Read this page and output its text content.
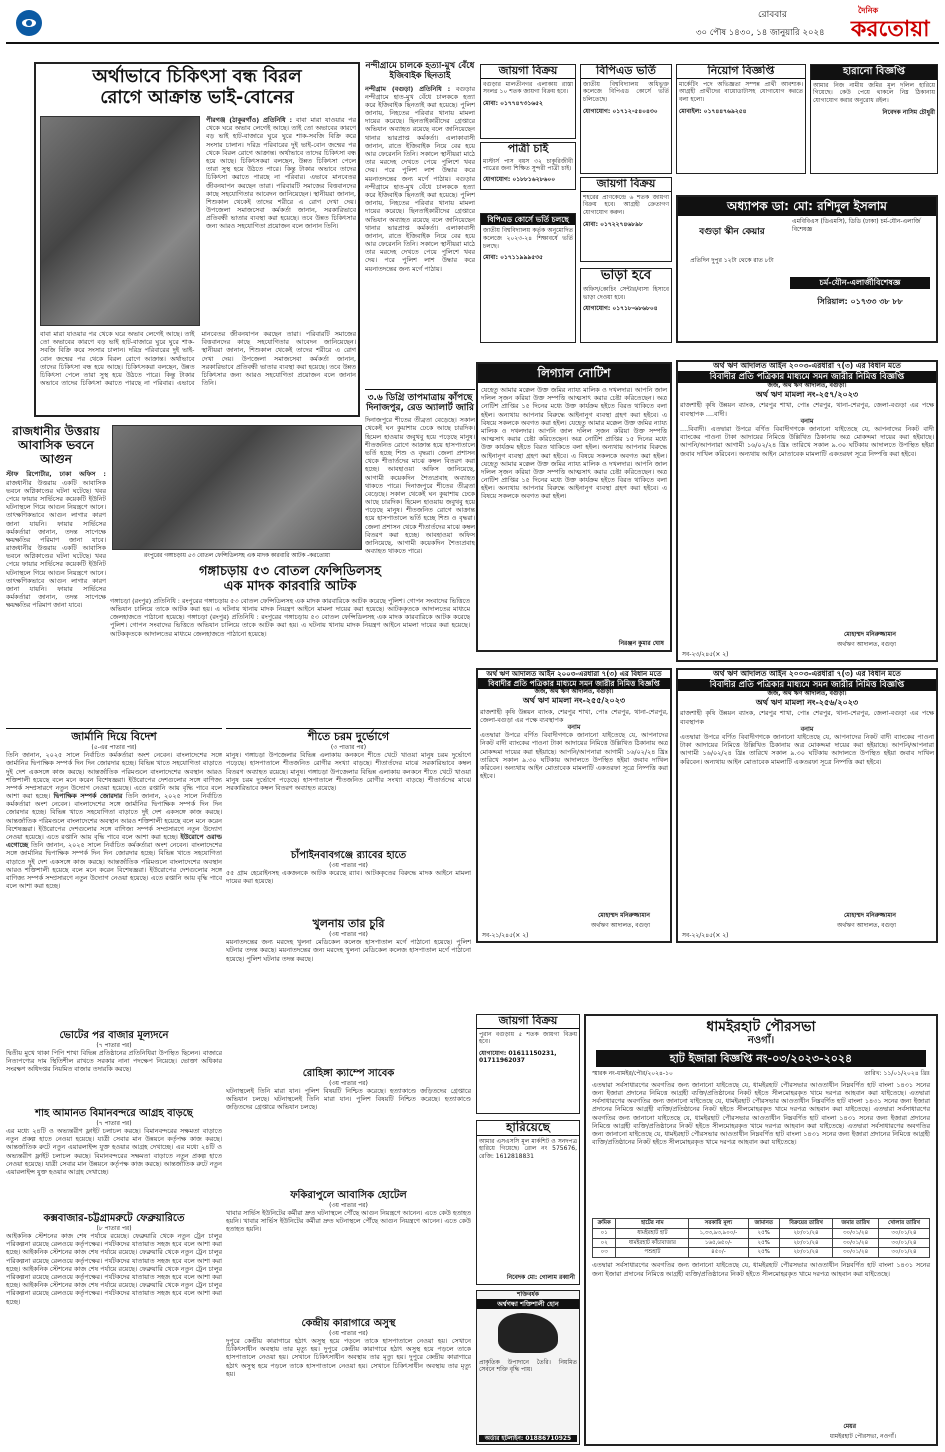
রোববার
৩০ পৌষ ১৪৩০, ১৪ জানুয়ারি ২০২৪
দৈনিক
করতোয়া
অর্থাভাবে চিকিৎসা বন্ধ বিরল
রোগে আক্রান্ত ভাই-বোনের
পীরগঞ্জ (ঠাকুরগাঁও) প্রতিনিধি : বাবা মারা যাওয়ার পর থেকে ঘরে অভাব লেগেই আছে। তাই তো অভাবের কারণে বড় ভাই হাট-বাজারে ঘুরে ঘুরে শাক-সবজি বিক্রি করে সংসার চালান। দরিদ্র পরিবারের দুই ভাই-বোন জন্মের পর থেকে বিরল রোগে আক্রান্ত। অর্থাভাবে তাদের চিকিৎসা বন্ধ হয়ে আছে। চিকিৎসকরা বলছেন, উন্নত চিকিৎসা পেলে তারা সুস্থ হয়ে উঠতে পারে। কিন্তু টাকার অভাবে তাদের চিকিৎসা করাতে পারছে না পরিবার। এভাবে মানবেতর জীবনযাপন করছেন তারা। পরিবারটি সমাজের বিত্তবানদের কাছে সহযোগিতার আবেদন জানিয়েছেন। স্থানীয়রা জানান, শিশুকাল থেকেই তাদের শরীরে এ রোগ দেখা দেয়। উপজেলা সমাজসেবা কর্মকর্তা জানান, সরকারিভাবে প্রতিবন্ধী ভাতার ব্যবস্থা করা হয়েছে। তবে উন্নত চিকিৎসার জন্য আরও সহযোগিতা প্রয়োজন বলে জানান তিনি।
বাবা মারা যাওয়ার পর থেকে ঘরে অভাব লেগেই আছে। তাই তো অভাবের কারণে বড় ভাই হাট-বাজারে ঘুরে ঘুরে শাক-সবজি বিক্রি করে সংসার চালান। দরিদ্র পরিবারের দুই ভাই-বোন জন্মের পর থেকে বিরল রোগে আক্রান্ত। অর্থাভাবে তাদের চিকিৎসা বন্ধ হয়ে আছে। চিকিৎসকরা বলছেন, উন্নত চিকিৎসা পেলে তারা সুস্থ হয়ে উঠতে পারে। কিন্তু টাকার অভাবে তাদের চিকিৎসা করাতে পারছে না পরিবার। এভাবে মানবেতর জীবনযাপন করছেন তারা। পরিবারটি সমাজের বিত্তবানদের কাছে সহযোগিতার আবেদন জানিয়েছেন। স্থানীয়রা জানান, শিশুকাল থেকেই তাদের শরীরে এ রোগ দেখা দেয়। উপজেলা সমাজসেবা কর্মকর্তা জানান, সরকারিভাবে প্রতিবন্ধী ভাতার ব্যবস্থা করা হয়েছে। তবে উন্নত চিকিৎসার জন্য আরও সহযোগিতা প্রয়োজন বলে জানান তিনি।
নন্দীগ্রামে চালকে হত্যা-মুখ বেঁধে ইজিবাইক ছিনতাই
নন্দীগ্রাম (বগুড়া) প্রতিনিধি : বগুড়ার নন্দীগ্রামে হাত-মুখ বেঁধে চালককে হত্যা করে ইজিবাইক ছিনতাই করা হয়েছে। পুলিশ জানায়, নিহতের পরিবার থানায় মামলা দায়ের করেছে। ছিনতাইকারীদের গ্রেপ্তারে অভিযান অব্যাহত রয়েছে বলে জানিয়েছেন থানার ভারপ্রাপ্ত কর্মকর্তা। এলাকাবাসী জানান, রাতে ইজিবাইক নিয়ে বের হয়ে আর ফেরেননি তিনি। সকালে স্থানীয়রা মাঠে তার মরদেহ দেখতে পেয়ে পুলিশে খবর দেয়। পরে পুলিশ লাশ উদ্ধার করে ময়নাতদন্তের জন্য মর্গে পাঠায়। বগুড়ার নন্দীগ্রামে হাত-মুখ বেঁধে চালককে হত্যা করে ইজিবাইক ছিনতাই করা হয়েছে। পুলিশ জানায়, নিহতের পরিবার থানায় মামলা দায়ের করেছে। ছিনতাইকারীদের গ্রেপ্তারে অভিযান অব্যাহত রয়েছে বলে জানিয়েছেন থানার ভারপ্রাপ্ত কর্মকর্তা। এলাকাবাসী জানান, রাতে ইজিবাইক নিয়ে বের হয়ে আর ফেরেননি তিনি। সকালে স্থানীয়রা মাঠে তার মরদেহ দেখতে পেয়ে পুলিশে খবর দেয়। পরে পুলিশ লাশ উদ্ধার করে ময়নাতদন্তের জন্য মর্গে পাঠায়।
৩.৬ ডিগ্রি তাপমাত্রায় কাঁপছে দিনাজপুর, রেড অ্যালার্ট জারি
দিনাজপুরে শীতের তীব্রতা বেড়েছে। সকাল থেকেই ঘন কুয়াশায় ঢেকে আছে চারদিক। হিমেল হাওয়ায় জবুথবু হয়ে পড়েছে মানুষ। শীতজনিত রোগে আক্রান্ত হয়ে হাসপাতালে ভর্তি হচ্ছে শিশু ও বৃদ্ধরা। জেলা প্রশাসন থেকে শীতার্তদের মাঝে কম্বল বিতরণ করা হচ্ছে। আবহাওয়া অফিস জানিয়েছে, আগামী কয়েকদিন শৈত্যপ্রবাহ অব্যাহত থাকতে পারে। দিনাজপুরে শীতের তীব্রতা বেড়েছে। সকাল থেকেই ঘন কুয়াশায় ঢেকে আছে চারদিক। হিমেল হাওয়ায় জবুথবু হয়ে পড়েছে মানুষ। শীতজনিত রোগে আক্রান্ত হয়ে হাসপাতালে ভর্তি হচ্ছে শিশু ও বৃদ্ধরা। জেলা প্রশাসন থেকে শীতার্তদের মাঝে কম্বল বিতরণ করা হচ্ছে। আবহাওয়া অফিস জানিয়েছে, আগামী কয়েকদিন শৈত্যপ্রবাহ অব্যাহত থাকতে পারে।
জায়গা বিক্রয়
বগুড়ার মালতীনগর এলাকায় রাস্তা সংলগ্ন ১০ শতক জায়গা বিক্রয় হবে।
মোবা: ০১৭৭৪৭৩১৬৫২
পাত্রী চাই
মাস্টার্স পাস বয়স ৩২ চাকুরিজীবী পাত্রের জন্য শিক্ষিত সুন্দরী পাত্রী চাই।
যোগাযোগ: ০১৮৮১৬২৮৬০০
বিপিএড কোর্সে ভর্তি চলছে
জাতীয় বিশ্ববিদ্যালয় কর্তৃক অনুমোদিত কলেজে ২০২৩-২৪ শিক্ষাবর্ষে ভর্তি চলছে।
মোবা: ০১৭১১৯৯৯৫৩৫
বিপিএড ভর্তি
জাতীয় বিশ্ববিদ্যালয় অধিভুক্ত কলেজে বিপিএড কোর্সে ভর্তি চলিতেছে।
যোগাযোগ: ০১৭১২-৫৪০৪৩০
জায়গা বিক্রয়
শহরের প্রাণকেন্দ্রে ৬ শতক জায়গা বিক্রয় হবে। আগ্রহী ক্রেতাগণ যোগাযোগ করুন।
মোবা: ০১৭২২৭৪৬৮৯৮
ভাড়া হবে
অফিস/কোচিং সেন্টার/বাসা হিসাবে ভাড়া দেওয়া হবে।
যোগাযোগ: ০১৭১৮-৬৮৬৮০৪
নিয়োগ বিজ্ঞপ্তি
মার্কেটিং পদে অভিজ্ঞতা সম্পন্ন প্রার্থী আবশ্যক। আগ্রহী প্রার্থীদের বায়োডাটাসহ যোগাযোগ করতে বলা হলো।
মোবাইল: ০১৭৪৪৭৬৯২৫৪
হারানো বিজ্ঞপ্তি
আমার নিজ নামীয় জমির মূল দলিল হারিয়ে গিয়েছে। কেউ পেয়ে থাকলে নিম্ন ঠিকানায় যোগাযোগ করার অনুরোধ রইল।
নিবেদক নাসিম চৌধুরী
অধ্যাপক ডা: মো: রশিদুল ইসলাম
এমবিবিএস (ডিএমসি), ডিডি (ঢাকা) চর্ম-যৌন-এলার্জি বিশেষজ্ঞ
বগুড়া স্কীন কেয়ার
প্রতিদিন দুপুর ১২টা থেকে রাত ৮টা
চর্ম-যৌন-এলার্জীবিশেষজ্ঞ
সিরিয়াল: ০১৭৩৩ ৩৮ ৮৮
রংপুরের গঙ্গাচড়ায় ৫৩ বোতল ফেন্সিডিলসহ এক মাদক কারবারি আটক -করতোয়া
গঙ্গাচড়ায় ৫৩ বোতল ফেন্সিডিলসহ
এক মাদক কারবারি আটক
গঙ্গাচড়া (রংপুর) প্রতিনিধি : রংপুরের গঙ্গাচড়ায় ৫৩ বোতল ফেন্সিডিলসহ এক মাদক কারবারিকে আটক করেছে পুলিশ। গোপন সংবাদের ভিত্তিতে অভিযান চালিয়ে তাকে আটক করা হয়। এ ঘটনায় থানায় মাদক নিয়ন্ত্রণ আইনে মামলা দায়ের করা হয়েছে। আটককৃতকে আদালতের মাধ্যমে জেলহাজতে পাঠানো হয়েছে। গঙ্গাচড়া (রংপুর) প্রতিনিধি : রংপুরের গঙ্গাচড়ায় ৫৩ বোতল ফেন্সিডিলসহ এক মাদক কারবারিকে আটক করেছে পুলিশ। গোপন সংবাদের ভিত্তিতে অভিযান চালিয়ে তাকে আটক করা হয়। এ ঘটনায় থানায় মাদক নিয়ন্ত্রণ আইনে মামলা দায়ের করা হয়েছে। আটককৃতকে আদালতের মাধ্যমে জেলহাজতে পাঠানো হয়েছে।
রাজধানীর উত্তরায়
আবাসিক ভবনে
আগুন
স্টাফ রিপোর্টার, ঢাকা অফিস : রাজধানীর উত্তরায় একটি আবাসিক ভবনে অগ্নিকাণ্ডের ঘটনা ঘটেছে। খবর পেয়ে ফায়ার সার্ভিসের কয়েকটি ইউনিট ঘটনাস্থলে গিয়ে আগুন নিয়ন্ত্রণে আনে। তাৎক্ষণিকভাবে আগুন লাগার কারণ জানা যায়নি। ফায়ার সার্ভিসের কর্মকর্তারা জানান, তদন্ত সাপেক্ষে ক্ষয়ক্ষতির পরিমাণ জানা যাবে। রাজধানীর উত্তরায় একটি আবাসিক ভবনে অগ্নিকাণ্ডের ঘটনা ঘটেছে। খবর পেয়ে ফায়ার সার্ভিসের কয়েকটি ইউনিট ঘটনাস্থলে গিয়ে আগুন নিয়ন্ত্রণে আনে। তাৎক্ষণিকভাবে আগুন লাগার কারণ জানা যায়নি। ফায়ার সার্ভিসের কর্মকর্তারা জানান, তদন্ত সাপেক্ষে ক্ষয়ক্ষতির পরিমাণ জানা যাবে।
জার্মানি দিয়ে বিদেশ
(৫-এর পাতার পর)
তিনি জানান, ২০২৫ সালে নির্বাচিত কর্মকর্তারা অংশ নেবেন। বাংলাদেশের সঙ্গে জার্মানির দ্বিপাক্ষিক সম্পর্ক দিন দিন জোরদার হচ্ছে। বিভিন্ন খাতে সহযোগিতা বাড়াতে দুই দেশ একসঙ্গে কাজ করছে। আন্তর্জাতিক পরিমণ্ডলে বাংলাদেশের অবস্থান আরও শক্তিশালী হয়েছে বলে মনে করেন বিশেষজ্ঞরা। ইউরোপের দেশগুলোর সঙ্গে বাণিজ্য সম্পর্ক সম্প্রসারণে নতুন উদ্যোগ নেওয়া হয়েছে। এতে রপ্তানি আয় বৃদ্ধি পাবে বলে আশা করা হচ্ছে। দ্বিপাক্ষিক সম্পর্ক জোরদার তিনি জানান, ২০২৫ সালে নির্বাচিত কর্মকর্তারা অংশ নেবেন। বাংলাদেশের সঙ্গে জার্মানির দ্বিপাক্ষিক সম্পর্ক দিন দিন জোরদার হচ্ছে। বিভিন্ন খাতে সহযোগিতা বাড়াতে দুই দেশ একসঙ্গে কাজ করছে। আন্তর্জাতিক পরিমণ্ডলে বাংলাদেশের অবস্থান আরও শক্তিশালী হয়েছে বলে মনে করেন বিশেষজ্ঞরা। ইউরোপের দেশগুলোর সঙ্গে বাণিজ্য সম্পর্ক সম্প্রসারণে নতুন উদ্যোগ নেওয়া হয়েছে। এতে রপ্তানি আয় বৃদ্ধি পাবে বলে আশা করা হচ্ছে। ইউরোপে ওরাল্ড এগোচ্ছে তিনি জানান, ২০২৫ সালে নির্বাচিত কর্মকর্তারা অংশ নেবেন। বাংলাদেশের সঙ্গে জার্মানির দ্বিপাক্ষিক সম্পর্ক দিন দিন জোরদার হচ্ছে। বিভিন্ন খাতে সহযোগিতা বাড়াতে দুই দেশ একসঙ্গে কাজ করছে। আন্তর্জাতিক পরিমণ্ডলে বাংলাদেশের অবস্থান আরও শক্তিশালী হয়েছে বলে মনে করেন বিশেষজ্ঞরা। ইউরোপের দেশগুলোর সঙ্গে বাণিজ্য সম্পর্ক সম্প্রসারণে নতুন উদ্যোগ নেওয়া হয়েছে। এতে রপ্তানি আয় বৃদ্ধি পাবে বলে আশা করা হচ্ছে।
ভোটের পর বাজার মূল্যদনে
(৭ পাতার পর)
দ্বিতীয় মুখে থাকা পিপি শাখা বিভিন্ন প্রতিষ্ঠানের প্রতিনিধিরা উপস্থিত ছিলেন। বাজারে নিত্যপণ্যের দাম স্থিতিশীল রাখতে সরকার নানা পদক্ষেপ নিয়েছে। ভোক্তা অধিকার সংরক্ষণ অধিদপ্তর নিয়মিত বাজার তদারকি করছে।
শাহ আমানত বিমানবন্দরে আগ্রহ বাড়ছে
(৭ পাতার পর)
এর মধ্যে ২৪টি ও অভ্যন্তরীণ ফ্লাইট চলাচল করছে। বিমানবন্দরের সক্ষমতা বাড়াতে নতুন প্রকল্প হাতে নেওয়া হয়েছে। যাত্রী সেবার মান উন্নয়নে কর্তৃপক্ষ কাজ করছে। আন্তর্জাতিক রুটে নতুন এয়ারলাইন্স যুক্ত হওয়ার আগ্রহ দেখাচ্ছে। এর মধ্যে ২৪টি ও অভ্যন্তরীণ ফ্লাইট চলাচল করছে। বিমানবন্দরের সক্ষমতা বাড়াতে নতুন প্রকল্প হাতে নেওয়া হয়েছে। যাত্রী সেবার মান উন্নয়নে কর্তৃপক্ষ কাজ করছে। আন্তর্জাতিক রুটে নতুন এয়ারলাইন্স যুক্ত হওয়ার আগ্রহ দেখাচ্ছে।
কক্সবাজার-চট্টগ্রামরুটে ফেব্রুয়ারিতে
(৮ পাতার পর)
আইকনিক স্টেশনের কাজ শেষ পর্যায়ে রয়েছে। ফেব্রুয়ারি থেকে নতুন ট্রেন চালুর পরিকল্পনা রয়েছে রেলওয়ে কর্তৃপক্ষের। পর্যটকদের যাতায়াত সহজ হবে বলে আশা করা হচ্ছে। আইকনিক স্টেশনের কাজ শেষ পর্যায়ে রয়েছে। ফেব্রুয়ারি থেকে নতুন ট্রেন চালুর পরিকল্পনা রয়েছে রেলওয়ে কর্তৃপক্ষের। পর্যটকদের যাতায়াত সহজ হবে বলে আশা করা হচ্ছে। আইকনিক স্টেশনের কাজ শেষ পর্যায়ে রয়েছে। ফেব্রুয়ারি থেকে নতুন ট্রেন চালুর পরিকল্পনা রয়েছে রেলওয়ে কর্তৃপক্ষের। পর্যটকদের যাতায়াত সহজ হবে বলে আশা করা হচ্ছে। আইকনিক স্টেশনের কাজ শেষ পর্যায়ে রয়েছে। ফেব্রুয়ারি থেকে নতুন ট্রেন চালুর পরিকল্পনা রয়েছে রেলওয়ে কর্তৃপক্ষের। পর্যটকদের যাতায়াত সহজ হবে বলে আশা করা হচ্ছে।
শীতে চরম দুর্ভোগে
(৩ পাতার পর)
মানুষ। গঙ্গাচড়া উপজেলার বিভিন্ন এলাকায় কনকনে শীতে খেটে খাওয়া মানুষ চরম দুর্ভোগে পড়েছে। হাসপাতালে শীতজনিত রোগীর সংখ্যা বাড়ছে। শীতার্তদের মাঝে সরকারিভাবে কম্বল বিতরণ অব্যাহত রয়েছে। মানুষ। গঙ্গাচড়া উপজেলার বিভিন্ন এলাকায় কনকনে শীতে খেটে খাওয়া মানুষ চরম দুর্ভোগে পড়েছে। হাসপাতালে শীতজনিত রোগীর সংখ্যা বাড়ছে। শীতার্তদের মাঝে সরকারিভাবে কম্বল বিতরণ অব্যাহত রয়েছে।
চাঁপাইনবাবগঞ্জে র‌্যাবের হাতে
(৩য় পাতার পর)
৫৫ গ্রাম হেরোইনসহ একজনকে আটক করেছে র‌্যাব। আটককৃতের বিরুদ্ধে মাদক আইনে মামলা দায়ের করা হয়েছে।
খুলনায় তার চুরি
(৩য় পাতার পর)
ময়নাতদন্তের জন্য মরদেহ খুলনা মেডিকেল কলেজ হাসপাতাল মর্গে পাঠানো হয়েছে। পুলিশ ঘটনার তদন্ত করছে। ময়নাতদন্তের জন্য মরদেহ খুলনা মেডিকেল কলেজ হাসপাতাল মর্গে পাঠানো হয়েছে। পুলিশ ঘটনার তদন্ত করছে।
রোহিঙ্গা ক্যাম্পে সাবেক
(৩য় পাতার পর)
ঘটনাস্থলেই তিনি মারা যান। পুলিশ বিষয়টি নিশ্চিত করেছে। হত্যাকাণ্ডে জড়িতদের গ্রেপ্তারে অভিযান চলছে। ঘটনাস্থলেই তিনি মারা যান। পুলিশ বিষয়টি নিশ্চিত করেছে। হত্যাকাণ্ডে জড়িতদের গ্রেপ্তারে অভিযান চলছে।
ফকিরাপুলে আবাসিক হোটেল
(৩য় পাতার পর)
খাবার সার্ভিস ইউনিটের কর্মীরা দ্রুত ঘটনাস্থলে পৌঁছে আগুন নিয়ন্ত্রণে আনেন। এতে কেউ হতাহত হয়নি। খাবার সার্ভিস ইউনিটের কর্মীরা দ্রুত ঘটনাস্থলে পৌঁছে আগুন নিয়ন্ত্রণে আনেন। এতে কেউ হতাহত হয়নি।
কেন্দ্রীয় কারাগারে অসুস্থ
(৩য় পাতার পর)
দুপুরে কেন্দ্রীয় কারাগারে হঠাৎ অসুস্থ হয়ে পড়লে তাকে হাসপাতালে নেওয়া হয়। সেখানে চিকিৎসাধীন অবস্থায় তার মৃত্যু হয়। দুপুরে কেন্দ্রীয় কারাগারে হঠাৎ অসুস্থ হয়ে পড়লে তাকে হাসপাতালে নেওয়া হয়। সেখানে চিকিৎসাধীন অবস্থায় তার মৃত্যু হয়। দুপুরে কেন্দ্রীয় কারাগারে হঠাৎ অসুস্থ হয়ে পড়লে তাকে হাসপাতালে নেওয়া হয়। সেখানে চিকিৎসাধীন অবস্থায় তার মৃত্যু হয়।
লিগ্যাল নোটিশ
যেহেতু আমার মক্কেল উক্ত জমির ন্যায্য মালিক ও দখলদার। আপনি জাল দলিল সৃজন করিয়া উক্ত সম্পত্তি আত্মসাৎ করার চেষ্টা করিতেছেন। অত্র নোটিশ প্রাপ্তির ১৫ দিনের মধ্যে উক্ত কার্যক্রম হইতে বিরত থাকিতে বলা হইল। অন্যথায় আপনার বিরুদ্ধে আইনানুগ ব্যবস্থা গ্রহণ করা হইবে। এ বিষয়ে সকলকে অবগত করা হইল। যেহেতু আমার মক্কেল উক্ত জমির ন্যায্য মালিক ও দখলদার। আপনি জাল দলিল সৃজন করিয়া উক্ত সম্পত্তি আত্মসাৎ করার চেষ্টা করিতেছেন। অত্র নোটিশ প্রাপ্তির ১৫ দিনের মধ্যে উক্ত কার্যক্রম হইতে বিরত থাকিতে বলা হইল। অন্যথায় আপনার বিরুদ্ধে আইনানুগ ব্যবস্থা গ্রহণ করা হইবে। এ বিষয়ে সকলকে অবগত করা হইল। যেহেতু আমার মক্কেল উক্ত জমির ন্যায্য মালিক ও দখলদার। আপনি জাল দলিল সৃজন করিয়া উক্ত সম্পত্তি আত্মসাৎ করার চেষ্টা করিতেছেন। অত্র নোটিশ প্রাপ্তির ১৫ দিনের মধ্যে উক্ত কার্যক্রম হইতে বিরত থাকিতে বলা হইল। অন্যথায় আপনার বিরুদ্ধে আইনানুগ ব্যবস্থা গ্রহণ করা হইবে। এ বিষয়ে সকলকে অবগত করা হইল।
নিরঞ্জন কুমার ঘোষ
অর্থ ঋণ আদালত আইন ২০০৩-এরধারা ৭(৩) এর বিধান মতে
বিবাদীর প্রতি পত্রিকার মাধ্যমে সমন জারীর নিমিত্ত বিজ্ঞপ্তি
জজ, অর্থ ঋণ আদালত, বগুড়া।
অর্থ ঋণ মামলা নং-২৫৭/২০২৩
রাজশাহী কৃষি উন্নয়ন ব্যাংক, শেরপুর শাখা, পোঃ শেরপুর, থানা-শেরপুর, জেলা-বগুড়া এর পক্ষে ব্যবস্থাপক ....বাদী।
বনাম
....বিবাদী। এতদ্বারা উপরে বর্ণিত বিবাদীগণকে জানানো যাইতেছে যে, আপনাদের নিকট বাদী ব্যাংকের পাওনা টাকা আদায়ের নিমিত্তে উল্লিখিত ঠিকানায় অত্র মোকদ্দমা দায়ের করা হইয়াছে। আপনি/আপনারা আগামী ১৬/০২/২৪ খ্রিঃ তারিখে সকাল ৯.৩০ ঘটিকায় আদালতে উপস্থিত হইয়া জবাব দাখিল করিবেন। অন্যথায় আইন মোতাবেক মামলাটি একতরফা সূত্রে নিষ্পত্তি করা হইবে।
মোহাম্মদ মনিরুজ্জামান
অর্থঋণ আদালত, বগুড়া
সব-২৩/২৪৫(× ২)
অর্থ ঋণ আদালত আইন ২০০৩-এরধারা ৭(৩) এর বিধান মতে
বিবাদীর প্রতি পত্রিকার মাধ্যমে সমন জারীর নিমিত্ত বিজ্ঞপ্তি
জজ, অর্থ ঋণ আদালত, বগুড়া।
অর্থ ঋণ মামলা নং-২৫৫/২০২৩
রাজশাহী কৃষি উন্নয়ন ব্যাংক, শেরপুর শাখা, পোঃ শেরপুর, থানা-শেরপুর, জেলা-বগুড়া এর পক্ষে ব্যবস্থাপক
বনাম
এতদ্বারা উপরে বর্ণিত বিবাদীগণকে জানানো যাইতেছে যে, আপনাদের নিকট বাদী ব্যাংকের পাওনা টাকা আদায়ের নিমিত্তে উল্লিখিত ঠিকানায় অত্র মোকদ্দমা দায়ের করা হইয়াছে। আপনি/আপনারা আগামী ১৬/০২/২৪ খ্রিঃ তারিখে সকাল ৯.৩০ ঘটিকায় আদালতে উপস্থিত হইয়া জবাব দাখিল করিবেন। অন্যথায় আইন মোতাবেক মামলাটি একতরফা সূত্রে নিষ্পত্তি করা হইবে।
মোহাম্মদ মনিরুজ্জামান
অর্থঋণ আদালত, বগুড়া
সব-২১/২৪৫(× ২)
অর্থ ঋণ আদালত আইন ২০০৩-এরধারা ৭(৩) এর বিধান মতে
বিবাদীর প্রতি পত্রিকার মাধ্যমে সমন জারীর নিমিত্ত বিজ্ঞপ্তি
জজ, অর্থ ঋণ আদালত, বগুড়া।
অর্থ ঋণ মামলা নং-২৫৬/২০২৩
রাজশাহী কৃষি উন্নয়ন ব্যাংক, শেরপুর শাখা, পোঃ শেরপুর, থানা-শেরপুর, জেলা-বগুড়া এর পক্ষে ব্যবস্থাপক
বনাম
এতদ্বারা উপরে বর্ণিত বিবাদীগণকে জানানো যাইতেছে যে, আপনাদের নিকট বাদী ব্যাংকের পাওনা টাকা আদায়ের নিমিত্তে উল্লিখিত ঠিকানায় অত্র মোকদ্দমা দায়ের করা হইয়াছে। আপনি/আপনারা আগামী ১৬/০২/২৪ খ্রিঃ তারিখে সকাল ৯.৩০ ঘটিকায় আদালতে উপস্থিত হইয়া জবাব দাখিল করিবেন। অন্যথায় আইন মোতাবেক মামলাটি একতরফা সূত্রে নিষ্পত্তি করা হইবে।
মোহাম্মদ মনিরুজ্জামান
অর্থঋণ আদালত, বগুড়া
সব-২২/২৪৫(× ২)
জায়গা বিক্রয়
পুরান বগুড়ায় ৫ শতক জায়গা বিক্রয় হবে।
যোগাযোগ: 01611150231, 01711962037
হারিয়েছে
আমার এসএসসি মূল মার্কশিট ও সনদপত্র হারিয়ে গিয়েছে। রোল নং 575676, রেজি: 1612818831
নিবেদক মো: গোলাম রব্বানী
শক্তিবর্ধক
অর্শ্বগন্ধা শক্তিশালী হোন
প্রাকৃতিক উপাদানে তৈরি। নিয়মিত সেবনে শক্তি বৃদ্ধি পায়।
অর্ডার হটলাইন: 01886710925
ধামইরহাট পৌরসভা
নওগাঁ।
হাট ইজারা বিজ্ঞপ্তি নং-০৩/২০২৩-২০২৪
স্মারক নং-ধামইর/পৌর/২০২৪-১০	তারিখ: ১১/০১/২০২৪ খ্রিঃ
এতদ্বারা সর্বসাধারণের অবগতির জন্য জানানো যাইতেছে যে, ধামইরহাট পৌরসভার আওতাধীন নিম্নবর্ণিত হাট বাংলা ১৪৩১ সনের জন্য ইজারা প্রদানের নিমিত্তে আগ্রহী ব্যক্তি/প্রতিষ্ঠানের নিকট হইতে সীলমোহরকৃত খামে দরপত্র আহবান করা যাইতেছে। এতদ্বারা সর্বসাধারণের অবগতির জন্য জানানো যাইতেছে যে, ধামইরহাট পৌরসভার আওতাধীন নিম্নবর্ণিত হাট বাংলা ১৪৩১ সনের জন্য ইজারা প্রদানের নিমিত্তে আগ্রহী ব্যক্তি/প্রতিষ্ঠানের নিকট হইতে সীলমোহরকৃত খামে দরপত্র আহবান করা যাইতেছে। এতদ্বারা সর্বসাধারণের অবগতির জন্য জানানো যাইতেছে যে, ধামইরহাট পৌরসভার আওতাধীন নিম্নবর্ণিত হাট বাংলা ১৪৩১ সনের জন্য ইজারা প্রদানের নিমিত্তে আগ্রহী ব্যক্তি/প্রতিষ্ঠানের নিকট হইতে সীলমোহরকৃত খামে দরপত্র আহবান করা যাইতেছে। এতদ্বারা সর্বসাধারণের অবগতির জন্য জানানো যাইতেছে যে, ধামইরহাট পৌরসভার আওতাধীন নিম্নবর্ণিত হাট বাংলা ১৪৩১ সনের জন্য ইজারা প্রদানের নিমিত্তে আগ্রহী ব্যক্তি/প্রতিষ্ঠানের নিকট হইতে সীলমোহরকৃত খামে দরপত্র আহবান করা যাইতেছে।
ক্রমিক	হাটের নাম	সরকারি মূল্য	জামানত	বিক্রয়ের তারিখ	জমার তারিখ	খোলার তারিখ
০১	ধামইরহাট হাট	১,৩৩,৯৩,৯০০/-	২৫%	২৮/০১/২৪	৩০/০১/২৪	৩০/০১/২৪
০২	ধামইরহাট কাঁচাবাজার	১৬৫,৬৫০/-	২৫%	২৮/০১/২৪	৩০/০১/২৪	৩০/০১/২৪
০৩	পশুহাট	৪৫০/-	২৫%	২৮/০১/২৪	৩০/০১/২৪	৩০/০১/২৪
এতদ্বারা সর্বসাধারণের অবগতির জন্য জানানো যাইতেছে যে, ধামইরহাট পৌরসভার আওতাধীন নিম্নবর্ণিত হাট বাংলা ১৪৩১ সনের জন্য ইজারা প্রদানের নিমিত্তে আগ্রহী ব্যক্তি/প্রতিষ্ঠানের নিকট হইতে সীলমোহরকৃত খামে দরপত্র আহবান করা যাইতেছে।
মেয়র
ধামইরহাট পৌরসভা, নওগাঁ।
